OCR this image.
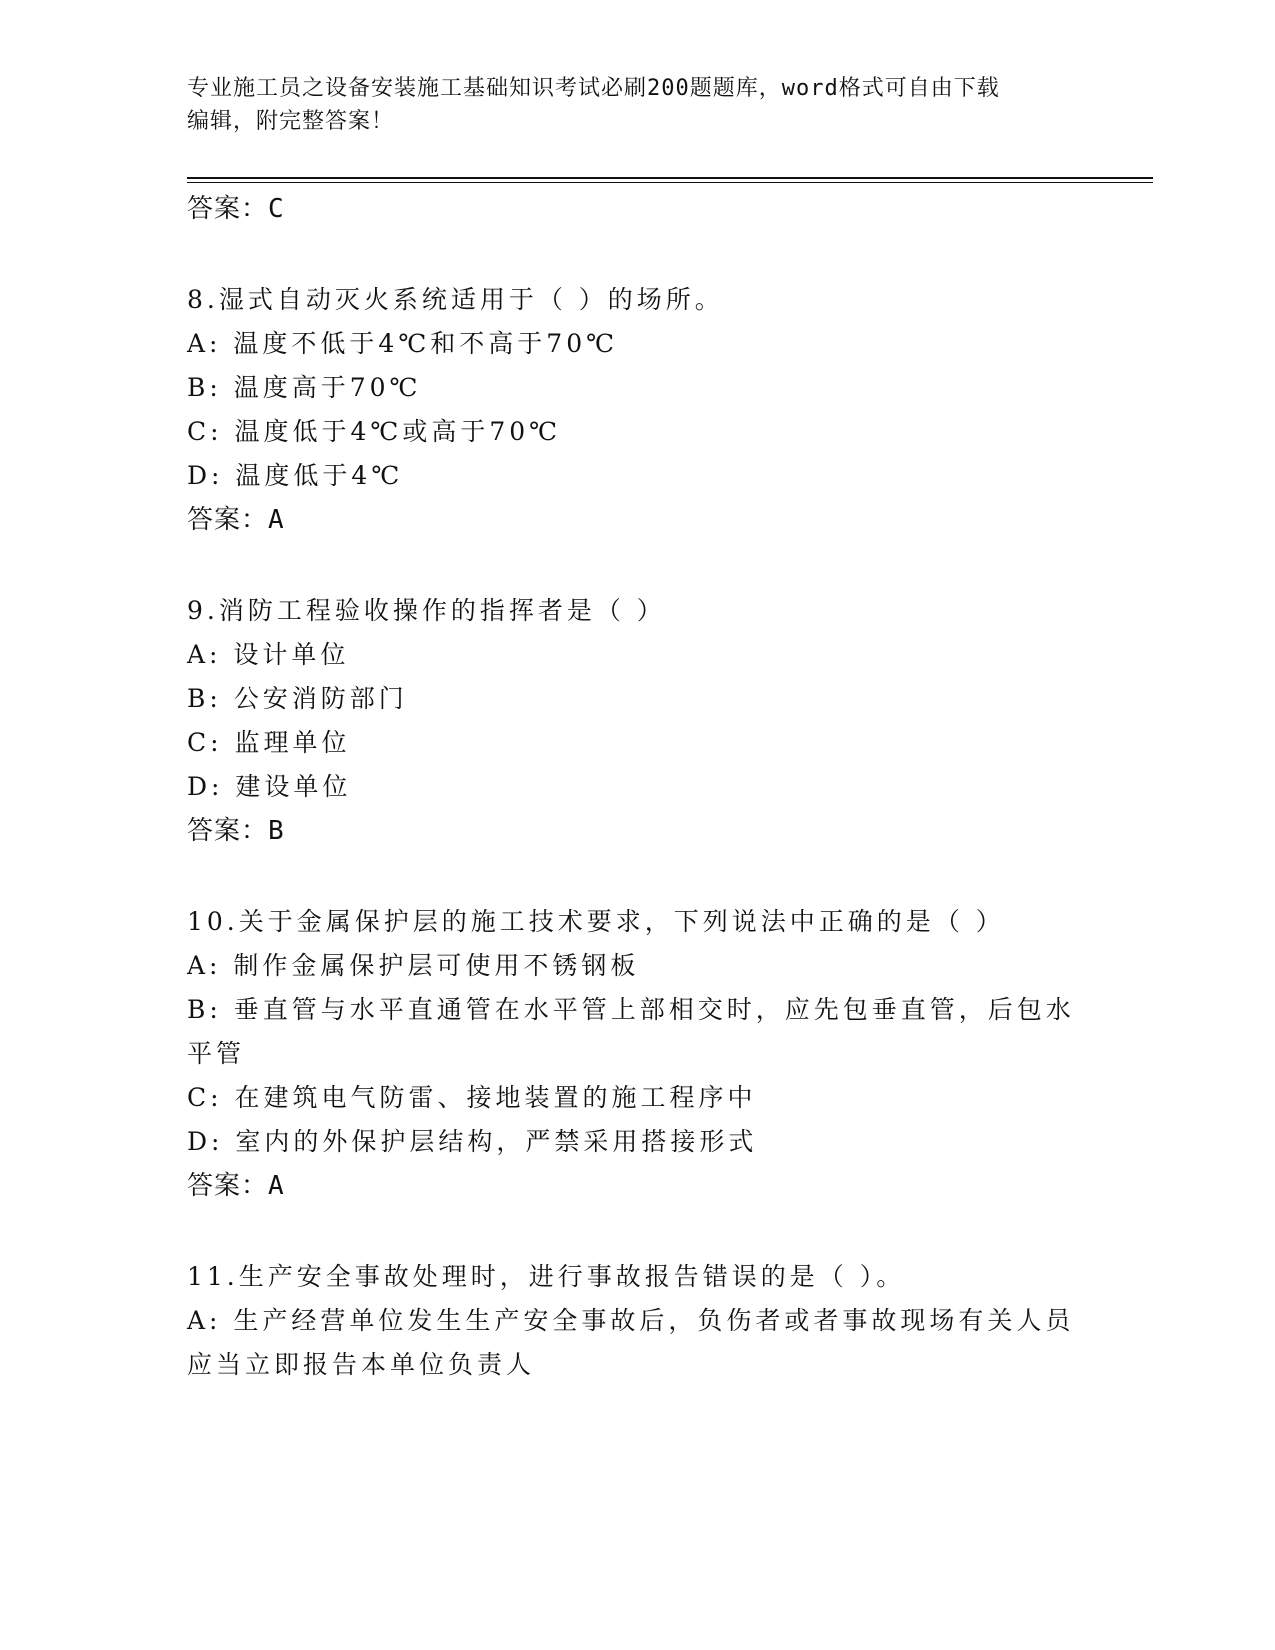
专业施工员之设备安装施工基础知识考试必刷200题题库，word格式可自由下载
编辑，附完整答案！

答案：C

8.湿式自动灭火系统适用于（ ）的场所。

A: 温度不低于4℃和不高于70℃

B: 温度高于70℃

C: 温度低于4℃或高于70℃

D: 温度低于4℃

答案：A

9.消防工程验收操作的指挥者是（ ）

A: 设计单位

B: 公安消防部门

C: 监理单位

D: 建设单位

答案：B

10.关于金属保护层的施工技术要求，下列说法中正确的是（ ）

A: 制作金属保护层可使用不锈钢板

B: 垂直管与水平直通管在水平管上部相交时，应先包垂直管，后包水

平管

C: 在建筑电气防雷、接地装置的施工程序中

D: 室内的外保护层结构，严禁采用搭接形式

答案：A

11.生产安全事故处理时，进行事故报告错误的是（ ）。

A: 生产经营单位发生生产安全事故后，负伤者或者事故现场有关人员

应当立即报告本单位负责人
